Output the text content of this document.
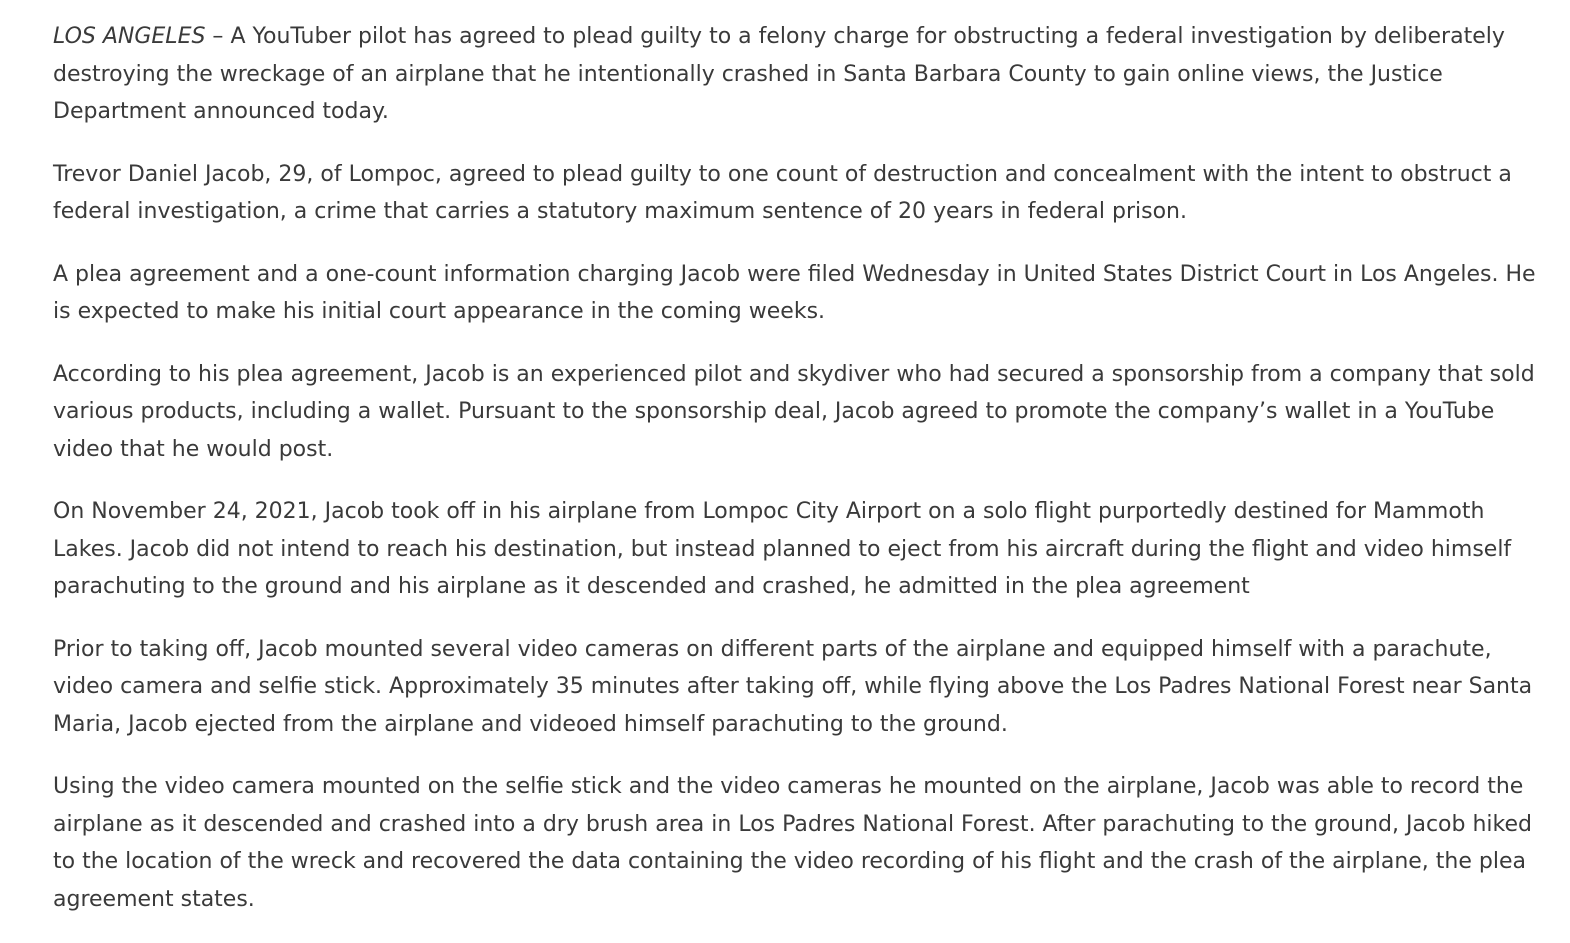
LOS ANGELES – A YouTuber pilot has agreed to plead guilty to a felony charge for obstructing a federal investigation by deliberately destroying the wreckage of an airplane that he intentionally crashed in Santa Barbara County to gain online views, the Justice Department announced today.

Trevor Daniel Jacob, 29, of Lompoc, agreed to plead guilty to one count of destruction and concealment with the intent to obstruct a federal investigation, a crime that carries a statutory maximum sentence of 20 years in federal prison.

A plea agreement and a one-count information charging Jacob were filed Wednesday in United States District Court in Los Angeles. He is expected to make his initial court appearance in the coming weeks.

According to his plea agreement, Jacob is an experienced pilot and skydiver who had secured a sponsorship from a company that sold various products, including a wallet. Pursuant to the sponsorship deal, Jacob agreed to promote the company’s wallet in a YouTube video that he would post.

On November 24, 2021, Jacob took off in his airplane from Lompoc City Airport on a solo flight purportedly destined for Mammoth Lakes. Jacob did not intend to reach his destination, but instead planned to eject from his aircraft during the flight and video himself parachuting to the ground and his airplane as it descended and crashed, he admitted in the plea agreement

Prior to taking off, Jacob mounted several video cameras on different parts of the airplane and equipped himself with a parachute, video camera and selfie stick. Approximately 35 minutes after taking off, while flying above the Los Padres National Forest near Santa Maria, Jacob ejected from the airplane and videoed himself parachuting to the ground.

Using the video camera mounted on the selfie stick and the video cameras he mounted on the airplane, Jacob was able to record the airplane as it descended and crashed into a dry brush area in Los Padres National Forest. After parachuting to the ground, Jacob hiked to the location of the wreck and recovered the data containing the video recording of his flight and the crash of the airplane, the plea agreement states.
